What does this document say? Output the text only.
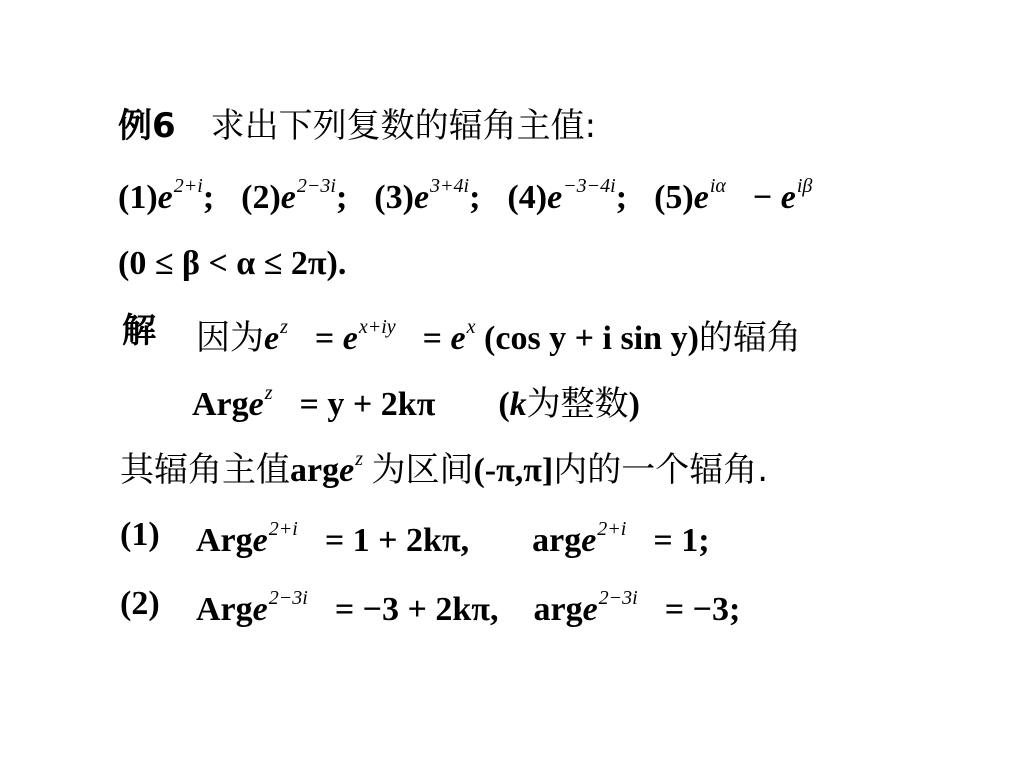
例6 求出下列复数的辐角主值:
$(1)e^{2+i}$; $(2)e^{2-3i}$; $(3)e^{3+4i}$; $(4)e^{-3-4i}$; $(5)e^{i\alpha} - e^{i\beta}$
(0 ≤ β < α ≤ 2π).
解 因为$e^z = e^{x+iy} = e^x$ (cos y + i sin y)的辐角
Arge$^z$ = y + 2kπ (k为整数)
其辐角主值arge$^z$ 为区间(-π,π]内的一个辐角.
(1) Arge$^{2+i}$ = 1 + 2kπ, arge$^{2+i}$ = 1;
(2) Arge$^{2-3i}$ = −3 + 2kπ, arge$^{2-3i}$ = −3;
